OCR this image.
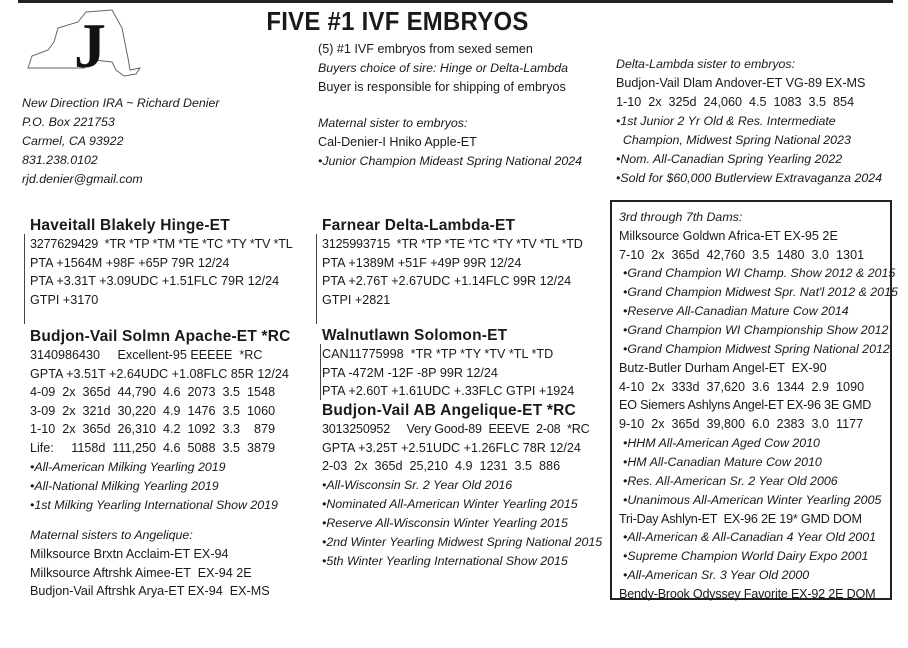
J	FIVE #1 IVF EMBRYOS
New Direction IRA ~ Richard Denier
P.O. Box 221753
Carmel, CA 93922
831.238.0102
rjd.denier@gmail.com
(5) #1 IVF embryos from sexed semen
Buyers choice of sire: Hinge or Delta-Lambda
Buyer is responsible for shipping of embryos
Maternal sister to embryos:
Cal-Denier-I Hniko Apple-ET
•Junior Champion Mideast Spring National 2024
Delta-Lambda sister to embryos:
Budjon-Vail Dlam Andover-ET VG-89 EX-MS
1-10  2x  325d  24,060  4.5  1083  3.5  854
•1st Junior 2 Yr Old & Res. Intermediate
Champion, Midwest Spring National 2023
•Nom. All-Canadian Spring Yearling 2022
•Sold for $60,000 Butlerview Extravaganza 2024
Haveitall Blakely Hinge-ET
3277629429  *TR *TP *TM *TE *TC *TY *TV *TL
PTA +1564M +98F +65P 79R 12/24
PTA +3.31T +3.09UDC +1.51FLC 79R 12/24
GTPI +3170
Farnear Delta-Lambda-ET
3125993715  *TR *TP *TE *TC *TY *TV *TL *TD
PTA +1389M +51F +49P 99R 12/24
PTA +2.76T +2.67UDC +1.14FLC 99R 12/24
GTPI +2821
Budjon-Vail Solmn Apache-ET *RC
3140986430     Excellent-95 EEEEE  *RC
GPTA +3.51T +2.64UDC +1.08FLC 85R 12/24
4-09  2x  365d  44,790  4.6  2073  3.5  1548
3-09  2x  321d  30,220  4.9  1476  3.5  1060
1-10  2x  365d  26,310  4.2  1092  3.3    879
Life:     1158d  111,250  4.6  5088  3.5  3879
•All-American Milking Yearling 2019
•All-National Milking Yearling 2019
•1st Milking Yearling International Show 2019
Maternal sisters to Angelique:
Milksource Brxtn Acclaim-ET EX-94
Milksource Aftrshk Aimee-ET  EX-94 2E
Budjon-Vail Aftrshk Arya-ET EX-94  EX-MS
Walnutlawn Solomon-ET
CAN11775998  *TR *TP *TY *TV *TL *TD
PTA -472M -12F -8P 99R 12/24
PTA +2.60T +1.61UDC +.33FLC GTPI +1924
Budjon-Vail AB Angelique-ET *RC
3013250952     Very Good-89  EEEVE  2-08  *RC
GPTA +3.25T +2.51UDC +1.26FLC 78R 12/24
2-03  2x  365d  25,210  4.9  1231  3.5  886
•All-Wisconsin Sr. 2 Year Old 2016
•Nominated All-American Winter Yearling 2015
•Reserve All-Wisconsin Winter Yearling 2015
•2nd Winter Yearling Midwest Spring National 2015
•5th Winter Yearling International Show 2015
3rd through 7th Dams:
Milksource Goldwn Africa-ET EX-95 2E
7-10  2x  365d  42,760  3.5  1480  3.0  1301
•Grand Champion WI Champ. Show 2012 & 2015
•Grand Champion Midwest Spr. Nat'l 2012 & 2015
•Reserve All-Canadian Mature Cow 2014
•Grand Champion WI Championship Show 2012
•Grand Champion Midwest Spring National 2012
Butz-Butler Durham Angel-ET  EX-90
4-10  2x  333d  37,620  3.6  1344  2.9  1090
EO Siemers Ashlyns Angel-ET EX-96 3E GMD
9-10  2x  365d  39,800  6.0  2383  3.0  1177
•HHM All-American Aged Cow 2010
•HM All-Canadian Mature Cow 2010
•Res. All-American Sr. 2 Year Old 2006
•Unanimous All-American Winter Yearling 2005
Tri-Day Ashlyn-ET  EX-96 2E 19* GMD DOM
•All-American & All-Canadian 4 Year Old 2001
•Supreme Champion World Dairy Expo 2001
•All-American Sr. 3 Year Old 2000
Bendy-Brook Odyssey Favorite EX-92 2E DOM
